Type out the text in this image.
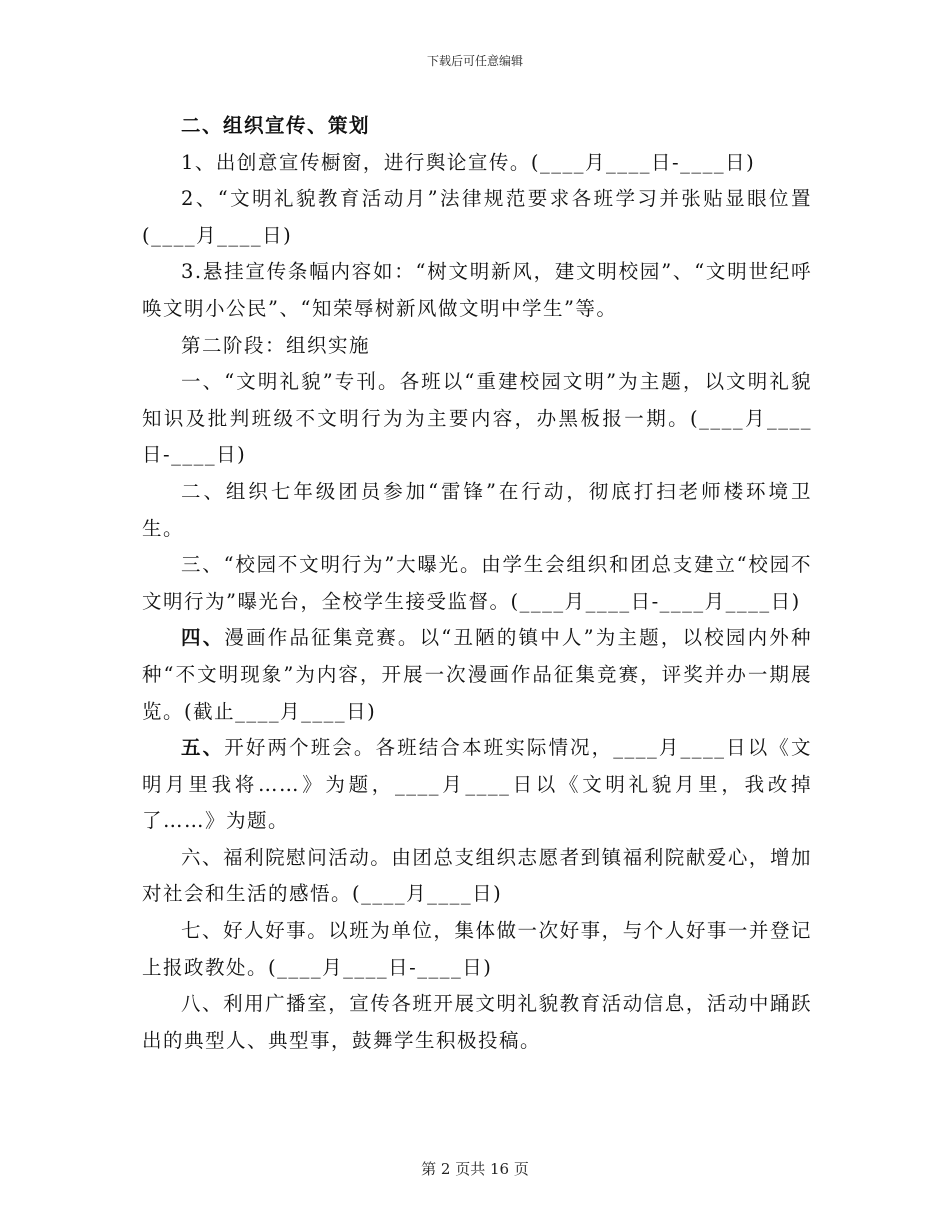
下载后可任意编辑

二、组织宣传、策划

1、出创意宣传橱窗，进行舆论宣传。(____月____日-____日)

2、“文明礼貌教育活动月”法律规范要求各班学习并张贴显眼位置(____月____日)

3.悬挂宣传条幅内容如：“树文明新风，建文明校园”、“文明世纪呼唤文明小公民”、“知荣辱树新风做文明中学生”等。

第二阶段：组织实施

一、“文明礼貌”专刊。各班以“重建校园文明”为主题，以文明礼貌知识及批判班级不文明行为为主要内容，办黑板报一期。(____月____日-____日)

二、组织七年级团员参加“雷锋”在行动，彻底打扫老师楼环境卫生。

三、“校园不文明行为”大曝光。由学生会组织和团总支建立“校园不文明行为”曝光台，全校学生接受监督。(____月____日-____月____日)

四、漫画作品征集竞赛。以“丑陋的镇中人”为主题，以校园内外种种“不文明现象”为内容，开展一次漫画作品征集竞赛，评奖并办一期展览。(截止____月____日)

五、开好两个班会。各班结合本班实际情况，____月____日以《文明月里我将……》为题，____月____日以《文明礼貌月里，我改掉了……》为题。

六、福利院慰问活动。由团总支组织志愿者到镇福利院献爱心，增加对社会和生活的感悟。(____月____日)

七、好人好事。以班为单位，集体做一次好事，与个人好事一并登记上报政教处。(____月____日-____日)

八、利用广播室，宣传各班开展文明礼貌教育活动信息，活动中踊跃出的典型人、典型事，鼓舞学生积极投稿。

第 2 页共 16 页
